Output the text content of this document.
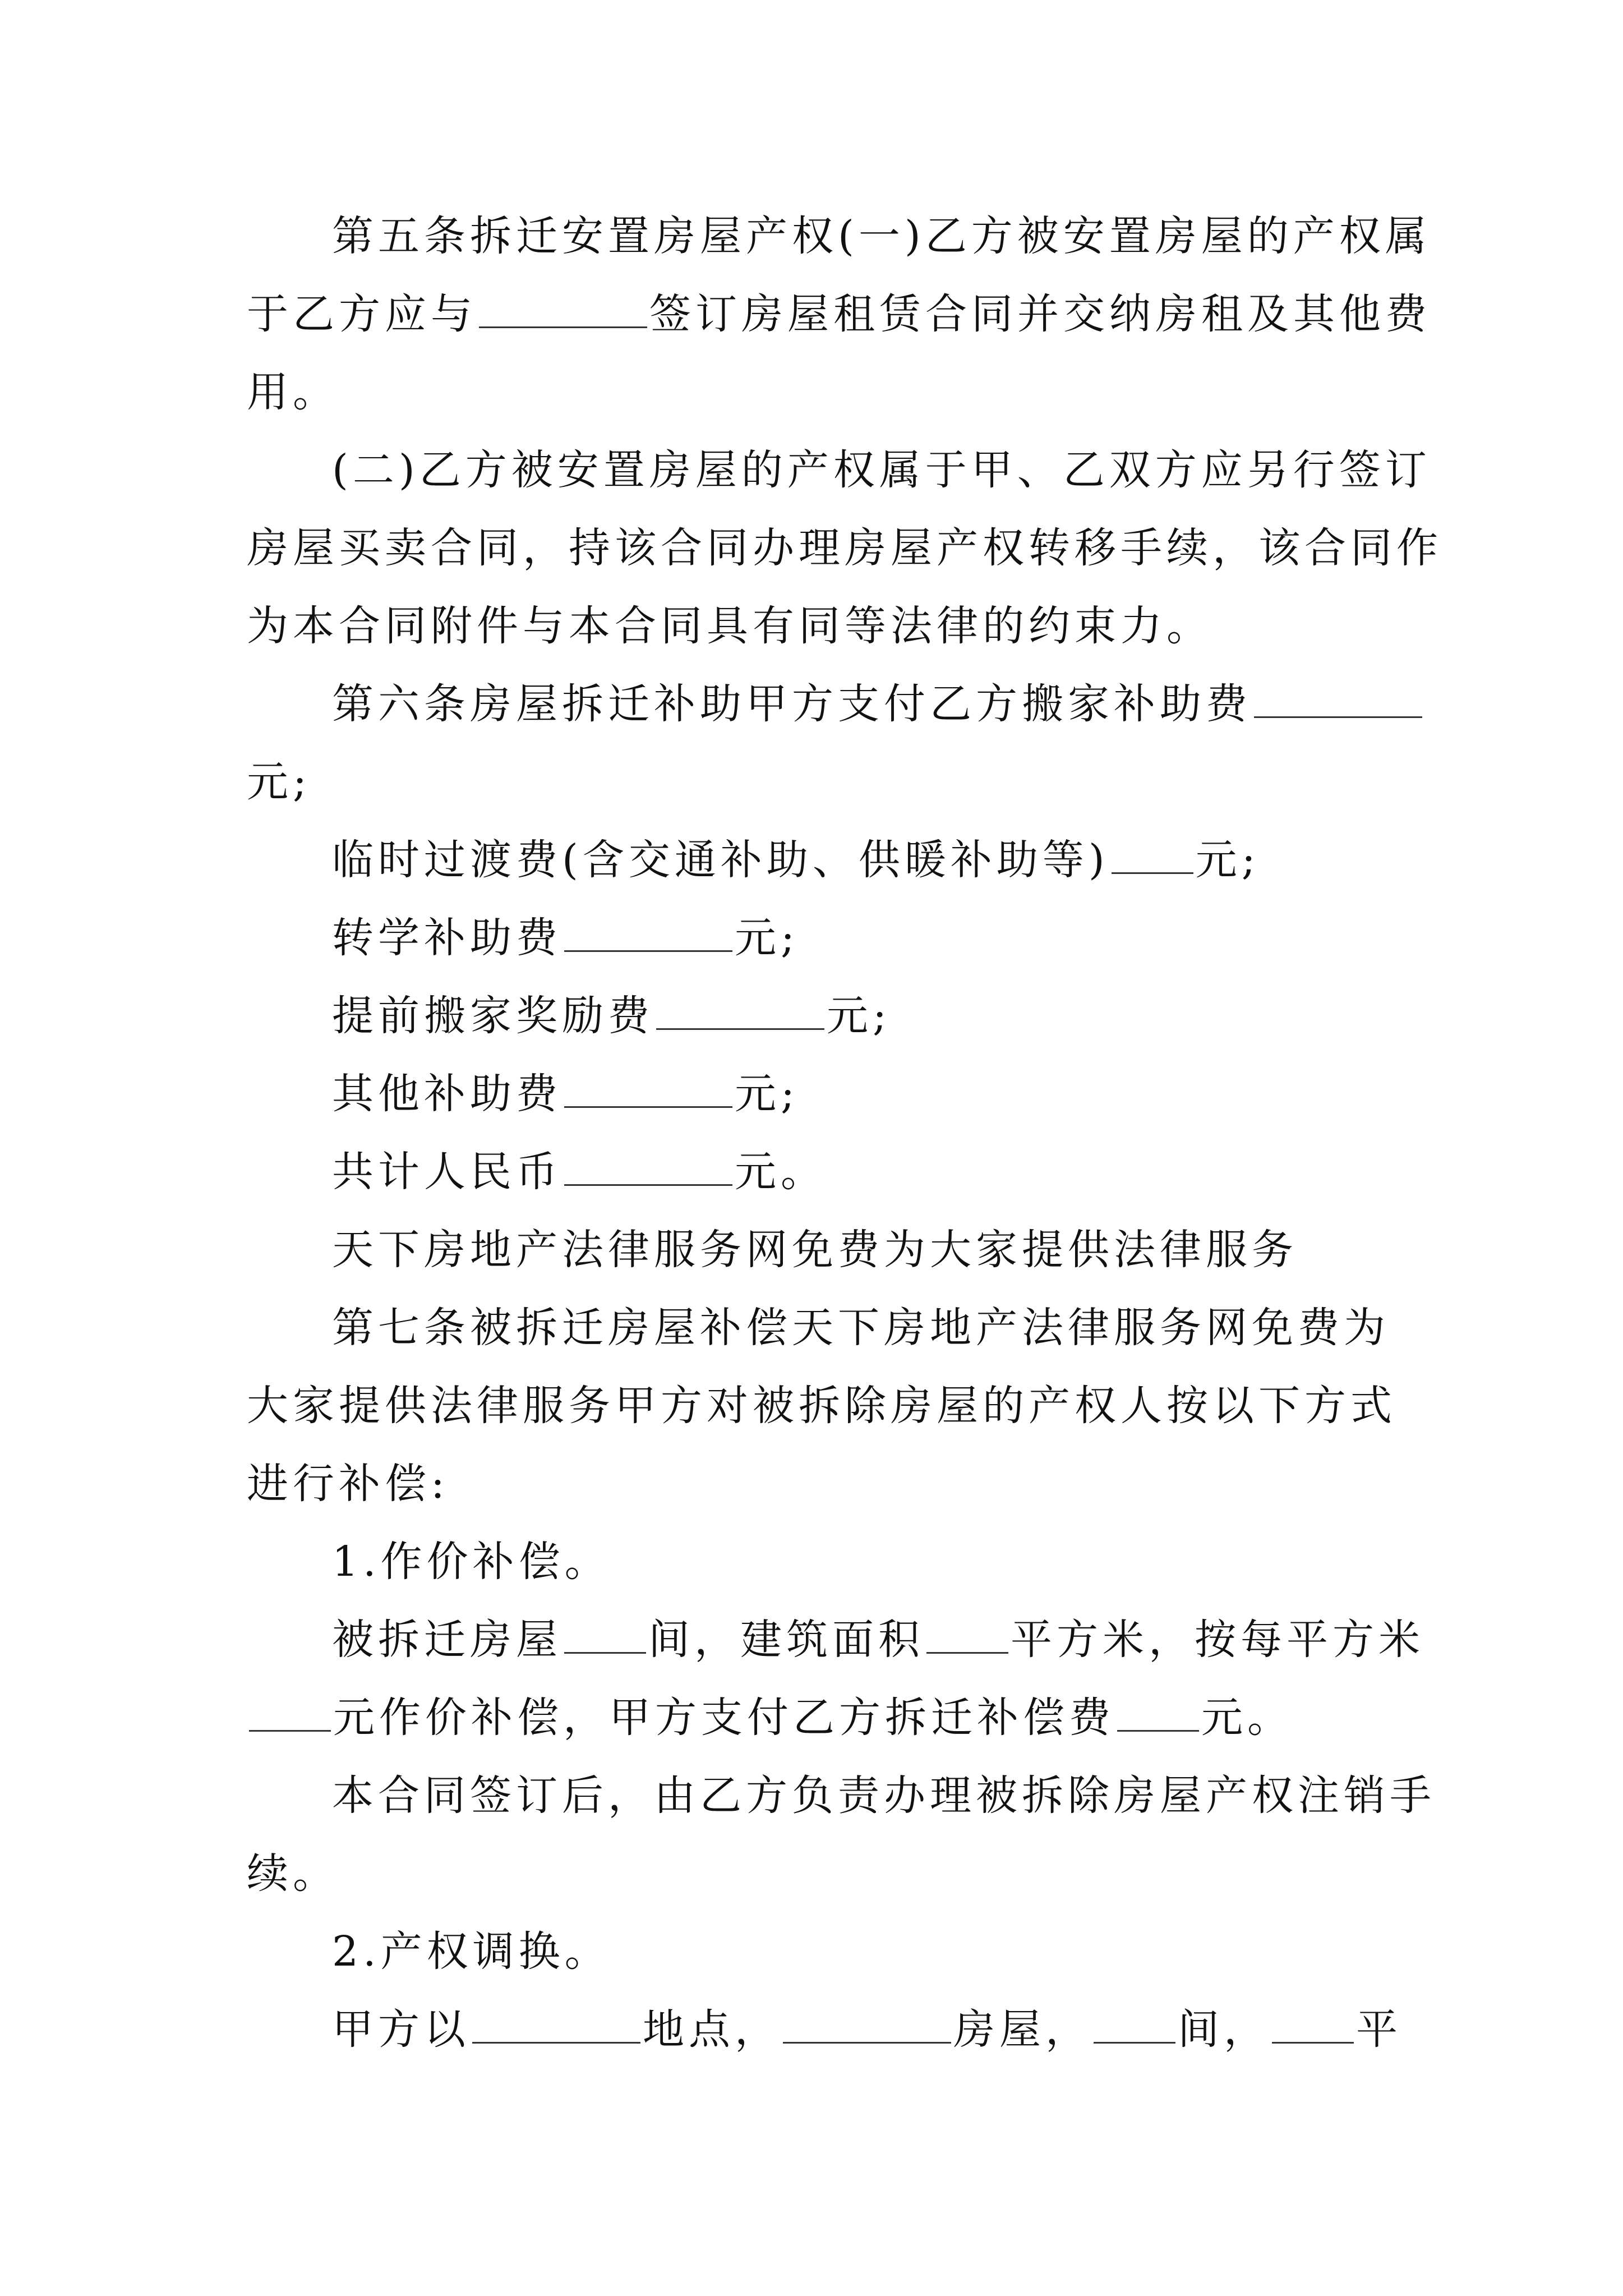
第五条拆迁安置房屋产权(一)乙方被安置房屋的产权属
于乙方应与	签订房屋租赁合同并交纳房租及其他费
用。
(二)乙方被安置房屋的产权属于甲、乙双方应另行签订
房屋买卖合同，持该合同办理房屋产权转移手续，该合同作
为本合同附件与本合同具有同等法律的约束力。
第六条房屋拆迁补助甲方支付乙方搬家补助费
元;
临时过渡费(含交通补助、供暖补助等) 元;
转学补助费	元;
提前搬家奖励费	元;
其他补助费	元;
共计人民币	元。
天下房地产法律服务网免费为大家提供法律服务
第七条被拆迁房屋补偿天下房地产法律服务网免费为
大家提供法律服务甲方对被拆除房屋的产权人按以下方式
进行补偿:
1.作价补偿。
被拆迁房屋 间，建筑面积 平方米，按每平方米
元作价补偿，甲方支付乙方拆迁补偿费 元。
本合同签订后，由乙方负责办理被拆除房屋产权注销手
续。
2.产权调换。
甲方以	地点，	房屋， 间， 平
